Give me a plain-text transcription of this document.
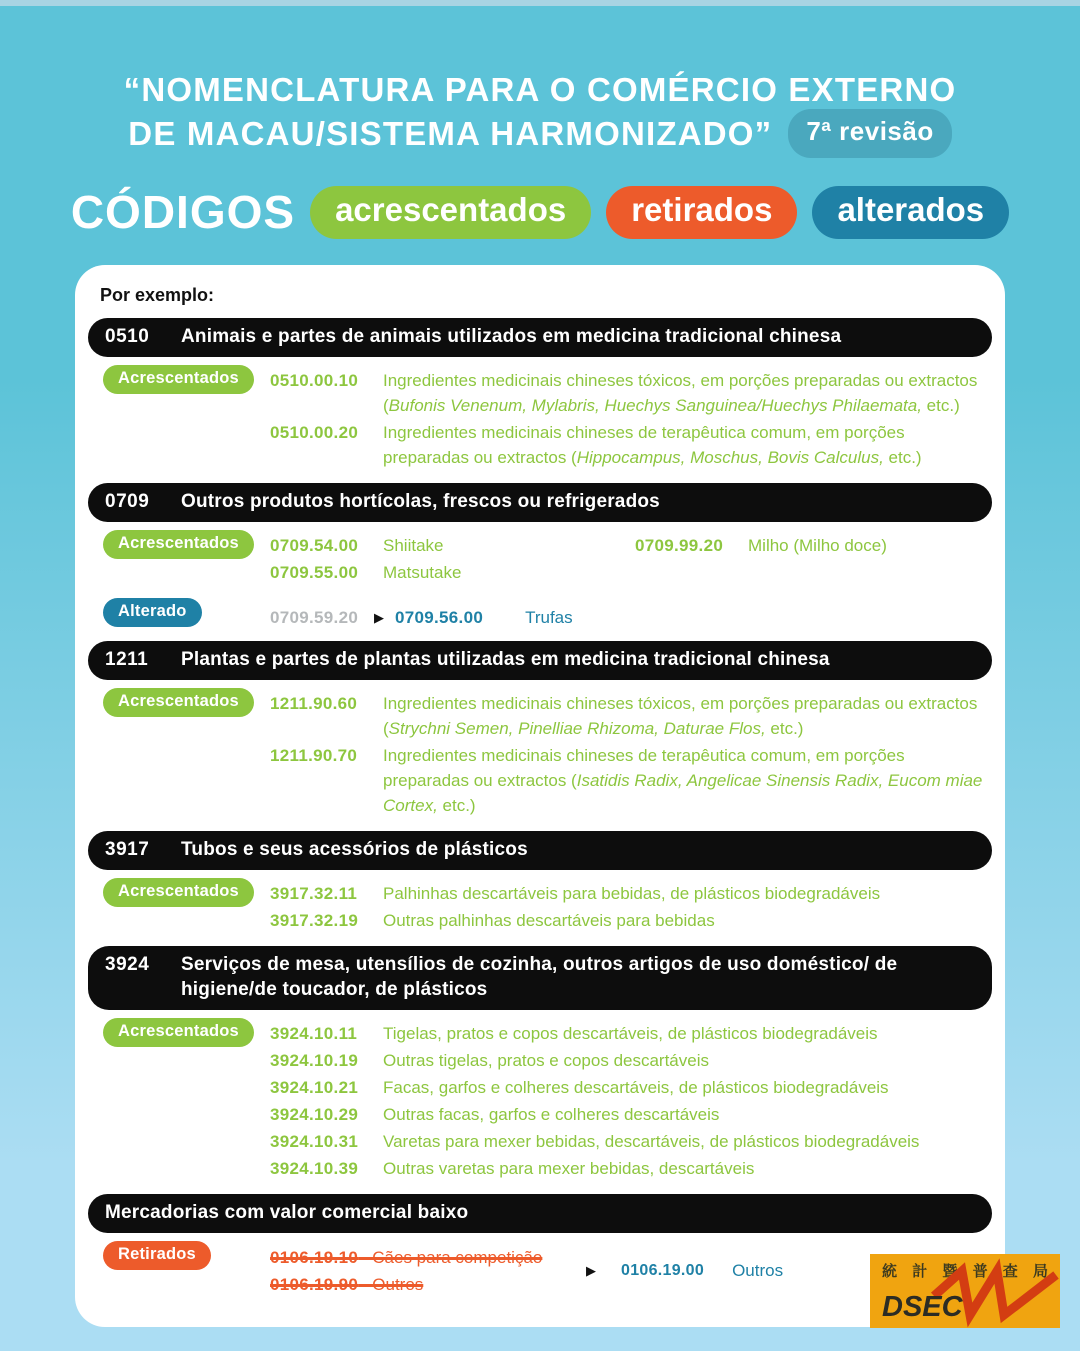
“NOMENCLATURA PARA O COMÉRCIO EXTERNO
DE MACAU/SISTEMA HARMONIZADO”	7ª revisão
CÓDIGOS	acrescentados	retirados	alterados
Por exemplo:
0510	Animais e partes de animais utilizados em medicina tradicional chinesa
Acrescentados	0510.00.10	Ingredientes medicinais chineses tóxicos, em porções preparadas ou extractos (Bufonis Venenum, Mylabris, Huechys Sanguinea/Huechys Philaemata, etc.)
0510.00.20	Ingredientes medicinais chineses de terapêutica comum, em porções preparadas ou extractos (Hippocampus, Moschus, Bovis Calculus, etc.)
0709	Outros produtos hortícolas, frescos ou refrigerados
Acrescentados	0709.54.00	Shiitake
0709.55.00	Matsutake
0709.99.20	Milho (Milho doce)
Alterado	0709.59.20	▶ 0709.56.00 Trufas
1211	Plantas e partes de plantas utilizadas em medicina tradicional chinesa
Acrescentados	1211.90.60	Ingredientes medicinais chineses tóxicos, em porções preparadas ou extractos (Strychni Semen, Pinelliae Rhizoma, Daturae Flos, etc.)
1211.90.70	Ingredientes medicinais chineses de terapêutica comum, em porções preparadas ou extractos (Isatidis Radix, Angelicae Sinensis Radix, Eucom miae Cortex, etc.)
3917	Tubos e seus acessórios de plásticos
Acrescentados	3917.32.11	Palhinhas descartáveis para bebidas, de plásticos biodegradáveis
3917.32.19	Outras palhinhas descartáveis para bebidas
3924	Serviços de mesa, utensílios de cozinha, outros artigos de uso doméstico/ de higiene/de toucador, de plásticos
Acrescentados	3924.10.11	Tigelas, pratos e copos descartáveis, de plásticos biodegradáveis
3924.10.19	Outras tigelas, pratos e copos descartáveis
3924.10.21	Facas, garfos e colheres descartáveis, de plásticos biodegradáveis
3924.10.29	Outras facas, garfos e colheres descartáveis
3924.10.31	Varetas para mexer bebidas, descartáveis, de plásticos biodegradáveis
3924.10.39	Outras varetas para mexer bebidas, descartáveis
Mercadorias com valor comercial baixo
Retirados	0106.19.10   Cães para competição
0106.19.90   Outros
▶ 0106.19.00 Outros	統 計 暨 普 查 局
DSEC
